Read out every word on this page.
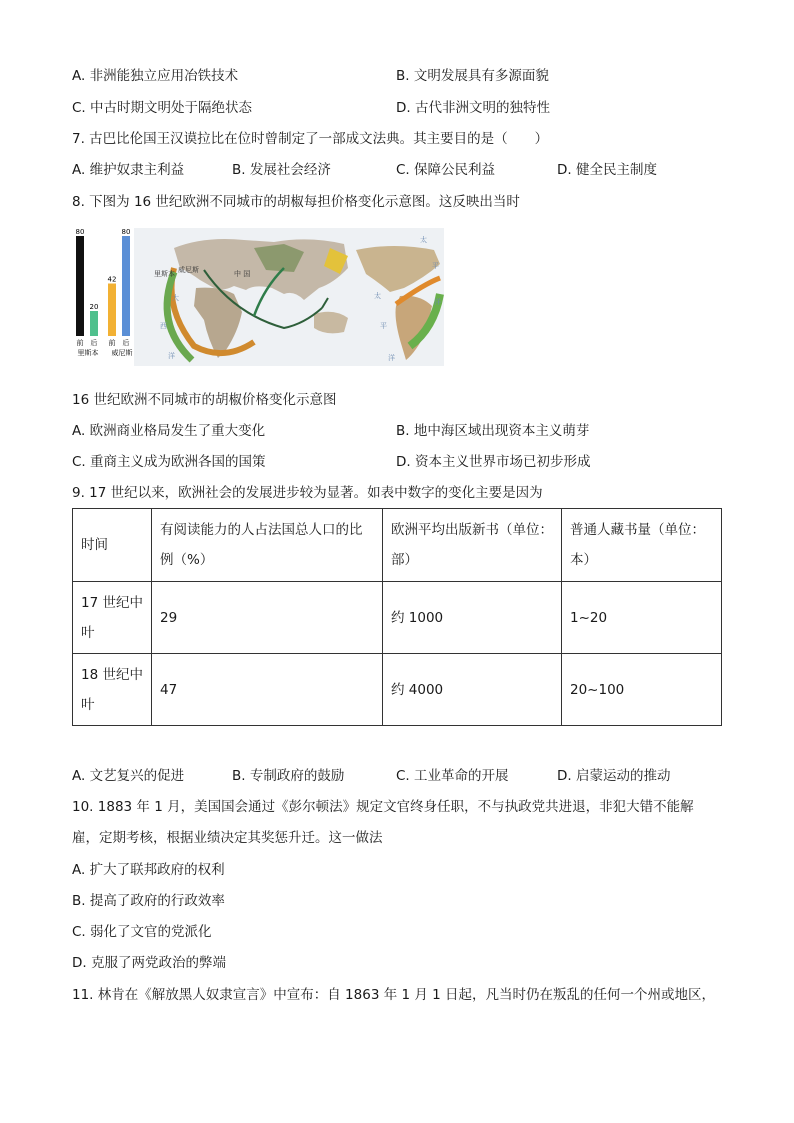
A. 非洲能独立应用冶铁技术	B. 文明发展具有多源面貌
C. 中古时期文明处于隔绝状态	D. 古代非洲文明的独特性
7. 古巴比伦国王汉谟拉比在位时曾制定了一部成文法典。其主要目的是（　　）
A. 维护奴隶主利益	B. 发展社会经济	C. 保障公民利益	D. 健全民主制度
8. 下图为 16 世纪欧洲不同城市的胡椒每担价格变化示意图。这反映出当时
80
前
20
后
42
前
80
后
里斯本 威尼斯
里斯本 威尼斯	中 国
大
西
洋
太
平
洋
太
平
洋
16 世纪欧洲不同城市的胡椒价格变化示意图
A. 欧洲商业格局发生了重大变化	B. 地中海区域出现资本主义萌芽
C. 重商主义成为欧洲各国的国策	D. 资本主义世界市场已初步形成
9. 17 世纪以来，欧洲社会的发展进步较为显著。如表中数字的变化主要是因为
时间	有阅读能力的人占法国总人口的比例（%）	欧洲平均出版新书（单位：部）	普通人藏书量（单位：本）
17 世纪中叶	29	约 1000	1~20
18 世纪中叶	47	约 4000	20~100
A. 文艺复兴的促进	B. 专制政府的鼓励	C. 工业革命的开展	D. 启蒙运动的推动
10. 1883 年 1 月，美国国会通过《彭尔顿法》规定文官终身任职，不与执政党共进退，非犯大错不能解
雇，定期考核，根据业绩决定其奖惩升迁。这一做法
A. 扩大了联邦政府的权利
B. 提高了政府的行政效率
C. 弱化了文官的党派化
D. 克服了两党政治的弊端
11. 林肯在《解放黑人奴隶宣言》中宣布：自 1863 年 1 月 1 日起，凡当时仍在叛乱的任何一个州或地区，
